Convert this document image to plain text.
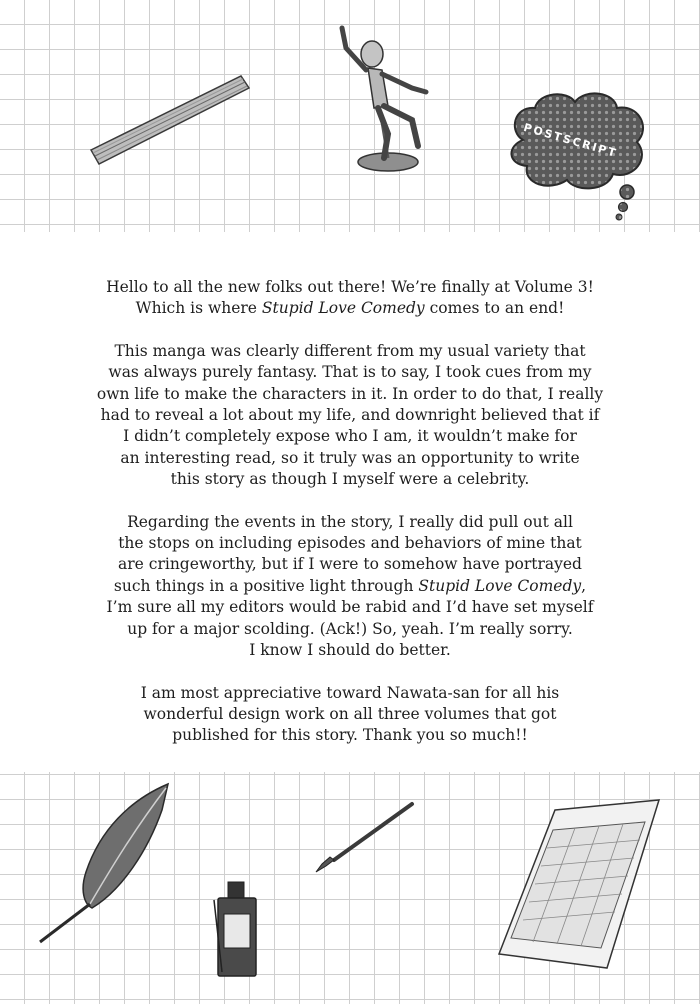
POSTSCRIPT

Hello to all the new folks out there! We’re finally at Volume 3!
Which is where Stupid Love Comedy comes to an end!

This manga was clearly different from my usual variety that
was always purely fantasy. That is to say, I took cues from my
own life to make the characters in it. In order to do that, I really
had to reveal a lot about my life, and downright believed that if
I didn’t completely expose who I am, it wouldn’t make for
an interesting read, so it truly was an opportunity to write
this story as though I myself were a celebrity.

Regarding the events in the story, I really did pull out all
the stops on including episodes and behaviors of mine that
are cringeworthy, but if I were to somehow have portrayed
such things in a positive light through Stupid Love Comedy,
I’m sure all my editors would be rabid and I’d have set myself
up for a major scolding. (Ack!) So, yeah. I’m really sorry.
I know I should do better.

I am most appreciative toward Nawata-san for all his
wonderful design work on all three volumes that got
published for this story. Thank you so much!!
